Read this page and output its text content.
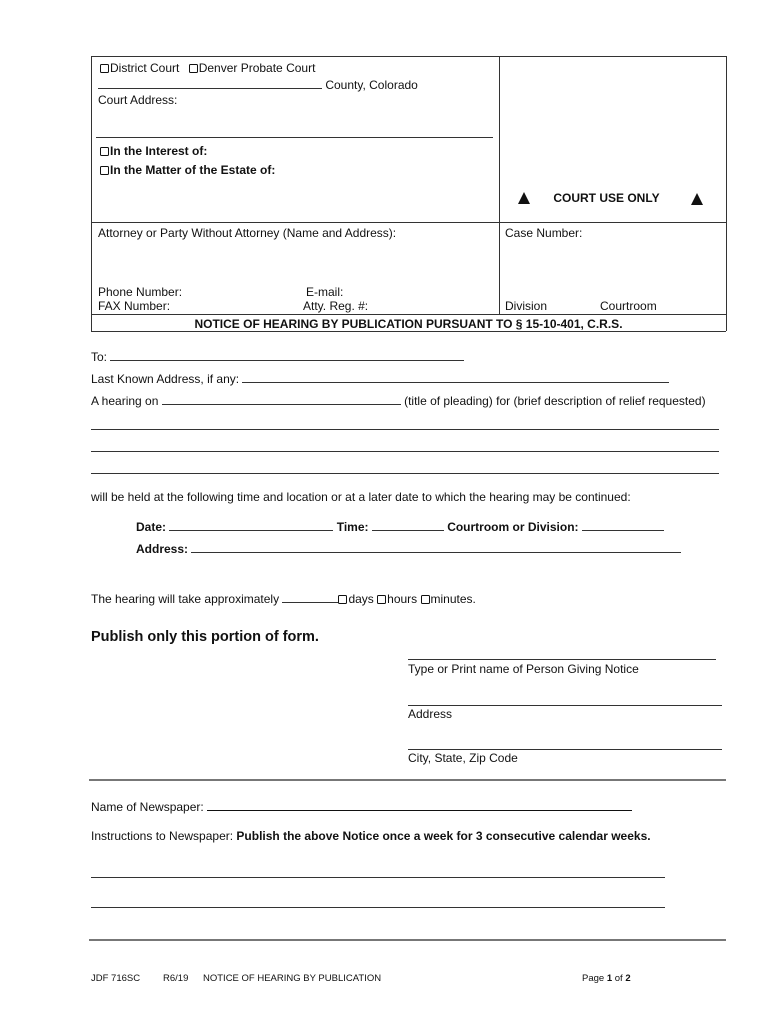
District Court Denver Probate Court
County, Colorado
Court Address:
In the Interest of:
In the Matter of the Estate of:
COURT USE ONLY
Attorney or Party Without Attorney (Name and Address):
Phone Number:	E-mail:
FAX Number:	Atty. Reg. #:
Case Number:
Division	Courtroom
NOTICE OF HEARING BY PUBLICATION PURSUANT TO § 15-10-401, C.R.S.
To:
Last Known Address, if any:
A hearing on	(title of pleading) for (brief description of relief requested)
will be held at the following time and location or at a later date to which the hearing may be continued:
Date:	Time:	Courtroom or Division:
Address:
The hearing will take approximately	days hours minutes.
Publish only this portion of form.
Type or Print name of Person Giving Notice
Address
City, State, Zip Code
Name of Newspaper:
Instructions to Newspaper: Publish the above Notice once a week for 3 consecutive calendar weeks.
JDF 716SC R6/19 NOTICE OF HEARING BY PUBLICATION	Page 1 of 2
